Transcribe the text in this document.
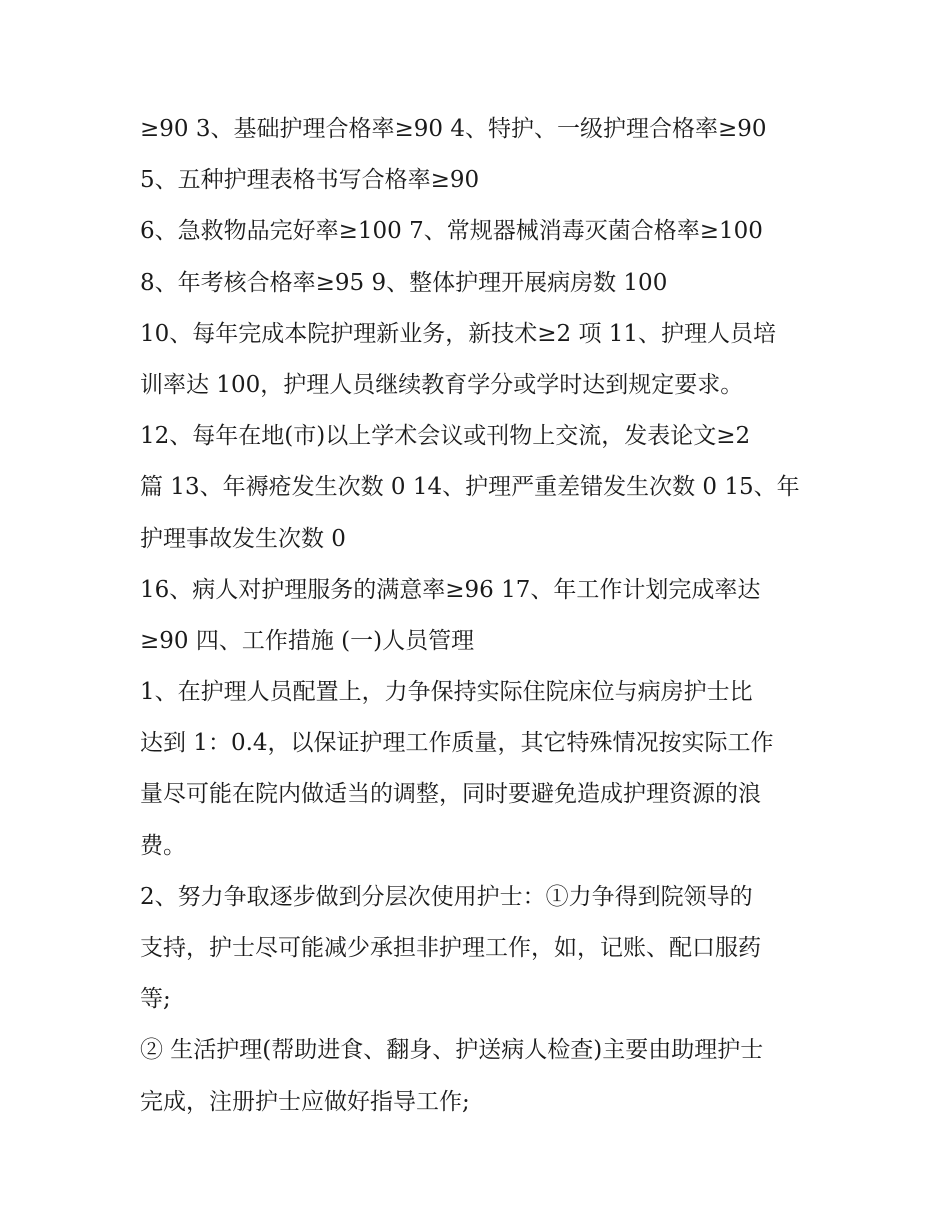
≥90 3、基础护理合格率≥90 4、特护、一级护理合格率≥90
5、五种护理表格书写合格率≥90
6、急救物品完好率≥100 7、常规器械消毒灭菌合格率≥100
8、年考核合格率≥95 9、整体护理开展病房数 100
10、每年完成本院护理新业务，新技术≥2 项 11、护理人员培
训率达 100，护理人员继续教育学分或学时达到规定要求。
12、每年在地(市)以上学术会议或刊物上交流，发表论文≥2
篇 13、年褥疮发生次数 0 14、护理严重差错发生次数 0 15、年
护理事故发生次数 0
16、病人对护理服务的满意率≥96 17、年工作计划完成率达
≥90 四、工作措施 (一)人员管理
1、在护理人员配置上，力争保持实际住院床位与病房护士比
达到 1：0.4，以保证护理工作质量，其它特殊情况按实际工作
量尽可能在院内做适当的调整，同时要避免造成护理资源的浪
费。
2、努力争取逐步做到分层次使用护士：①力争得到院领导的
支持，护士尽可能减少承担非护理工作，如，记账、配口服药
等;
② 生活护理(帮助进食、翻身、护送病人检查)主要由助理护士
完成，注册护士应做好指导工作;
